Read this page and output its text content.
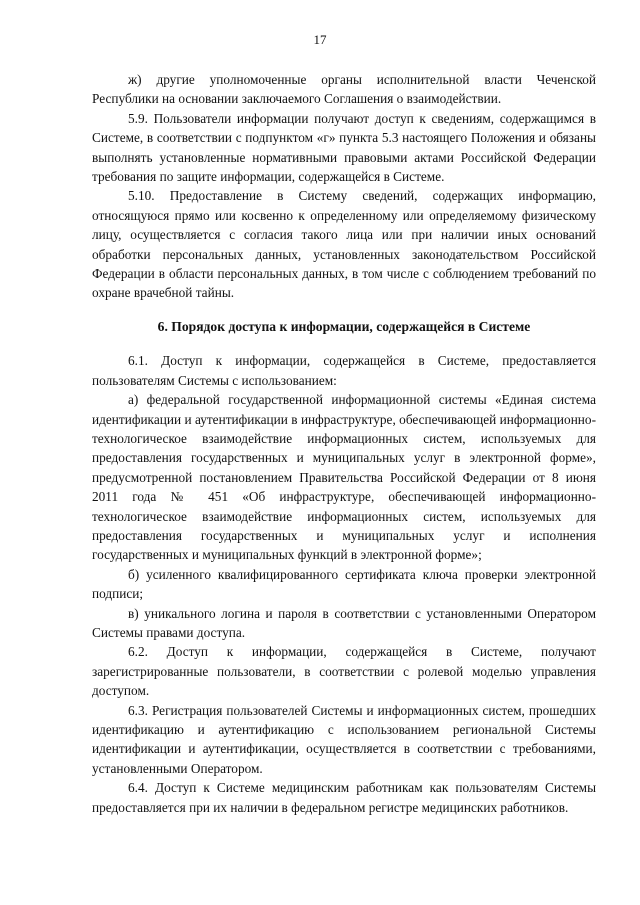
17

ж) другие уполномоченные органы исполнительной власти Чеченской Республики на основании заключаемого Соглашения о взаимодействии.

5.9. Пользователи информации получают доступ к сведениям, содержащимся в Системе, в соответствии с подпунктом «г» пункта 5.3 настоящего Положения и обязаны выполнять установленные нормативными правовыми актами Российской Федерации требования по защите информации, содержащейся в Системе.

5.10. Предоставление в Систему сведений, содержащих информацию, относящуюся прямо или косвенно к определенному или определяемому физическому лицу, осуществляется с согласия такого лица или при наличии иных оснований обработки персональных данных, установленных законодательством Российской Федерации в области персональных данных, в том числе с соблюдением требований по охране врачебной тайны.

6. Порядок доступа к информации, содержащейся в Системе

6.1. Доступ к информации, содержащейся в Системе, предоставляется пользователям Системы с использованием:

а) федеральной государственной информационной системы «Единая система идентификации и аутентификации в инфраструктуре, обеспечивающей информационно-технологическое взаимодействие информационных систем, используемых для предоставления государственных и муниципальных услуг в электронной форме», предусмотренной постановлением Правительства Российской Федерации от 8 июня 2011 года № 451 «Об инфраструктуре, обеспечивающей информационно-технологическое взаимодействие информационных систем, используемых для предоставления государственных и муниципальных услуг и исполнения государственных и муниципальных функций в электронной форме»;

б) усиленного квалифицированного сертификата ключа проверки электронной подписи;

в) уникального логина и пароля в соответствии с установленными Оператором Системы правами доступа.

6.2. Доступ к информации, содержащейся в Системе, получают зарегистрированные пользователи, в соответствии с ролевой моделью управления доступом.

6.3. Регистрация пользователей Системы и информационных систем, прошедших идентификацию и аутентификацию с использованием региональной Системы идентификации и аутентификации, осуществляется в соответствии с требованиями, установленными Оператором.

6.4. Доступ к Системе медицинским работникам как пользователям Системы предоставляется при их наличии в федеральном регистре медицинских работников.
